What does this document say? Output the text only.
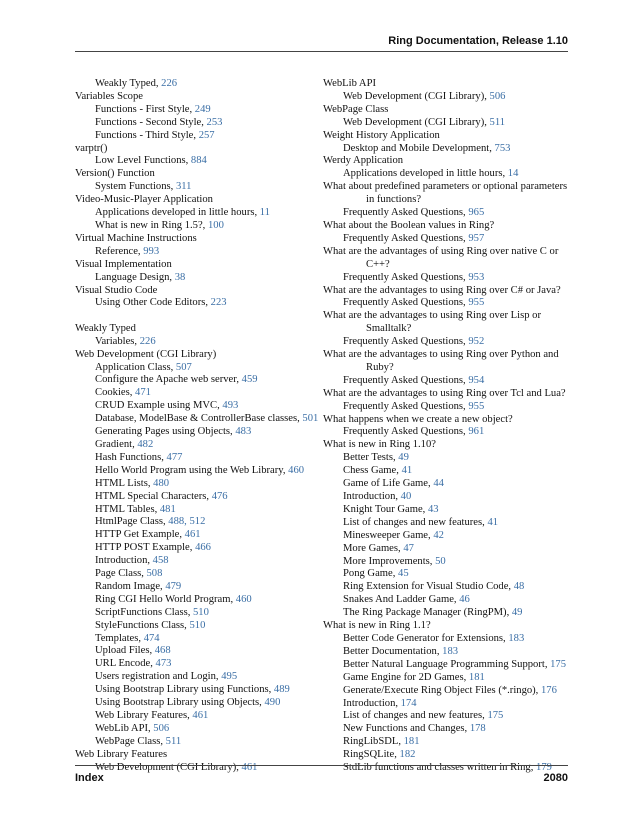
Ring Documentation, Release 1.10
Weakly Typed, 226
Variables Scope
Functions - First Style, 249
Functions - Second Style, 253
Functions - Third Style, 257
varptr()
Low Level Functions, 884
Version() Function
System Functions, 311
Video-Music-Player Application
Applications developed in little hours, 11
What is new in Ring 1.5?, 100
Virtual Machine Instructions
Reference, 993
Visual Implementation
Language Design, 38
Visual Studio Code
Using Other Code Editors, 223
Weakly Typed
Variables, 226
Web Development (CGI Library)
Application Class, 507
Configure the Apache web server, 459
Cookies, 471
CRUD Example using MVC, 493
Database, ModelBase & ControllerBase classes, 501
Generating Pages using Objects, 483
Gradient, 482
Hash Functions, 477
Hello World Program using the Web Library, 460
HTML Lists, 480
HTML Special Characters, 476
HTML Tables, 481
HtmlPage Class, 488, 512
HTTP Get Example, 461
HTTP POST Example, 466
Introduction, 458
Page Class, 508
Random Image, 479
Ring CGI Hello World Program, 460
ScriptFunctions Class, 510
StyleFunctions Class, 510
Templates, 474
Upload Files, 468
URL Encode, 473
Users registration and Login, 495
Using Bootstrap Library using Functions, 489
Using Bootstrap Library using Objects, 490
Web Library Features, 461
WebLib API, 506
WebPage Class, 511
Web Library Features
Web Development (CGI Library), 461
WebLib API
Web Development (CGI Library), 506
WebPage Class
Web Development (CGI Library), 511
Weight History Application
Desktop and Mobile Development, 753
Werdy Application
Applications developed in little hours, 14
What about predefined parameters or optional parameters
in functions?
Frequently Asked Questions, 965
What about the Boolean values in Ring?
Frequently Asked Questions, 957
What are the advantages of using Ring over native C or
C++?
Frequently Asked Questions, 953
What are the advantages to using Ring over C# or Java?
Frequently Asked Questions, 955
What are the advantages to using Ring over Lisp or
Smalltalk?
Frequently Asked Questions, 952
What are the advantages to using Ring over Python and
Ruby?
Frequently Asked Questions, 954
What are the advantages to using Ring over Tcl and Lua?
Frequently Asked Questions, 955
What happens when we create a new object?
Frequently Asked Questions, 961
What is new in Ring 1.10?
Better Tests, 49
Chess Game, 41
Game of Life Game, 44
Introduction, 40
Knight Tour Game, 43
List of changes and new features, 41
Minesweeper Game, 42
More Games, 47
More Improvements, 50
Pong Game, 45
Ring Extension for Visual Studio Code, 48
Snakes And Ladder Game, 46
The Ring Package Manager (RingPM), 49
What is new in Ring 1.1?
Better Code Generator for Extensions, 183
Better Documentation, 183
Better Natural Language Programming Support, 175
Game Engine for 2D Games, 181
Generate/Execute Ring Object Files (*.ringo), 176
Introduction, 174
List of changes and new features, 175
New Functions and Changes, 178
RingLibSDL, 181
RingSQLite, 182
StdLib functions and classes written in Ring, 179
Index	2080
